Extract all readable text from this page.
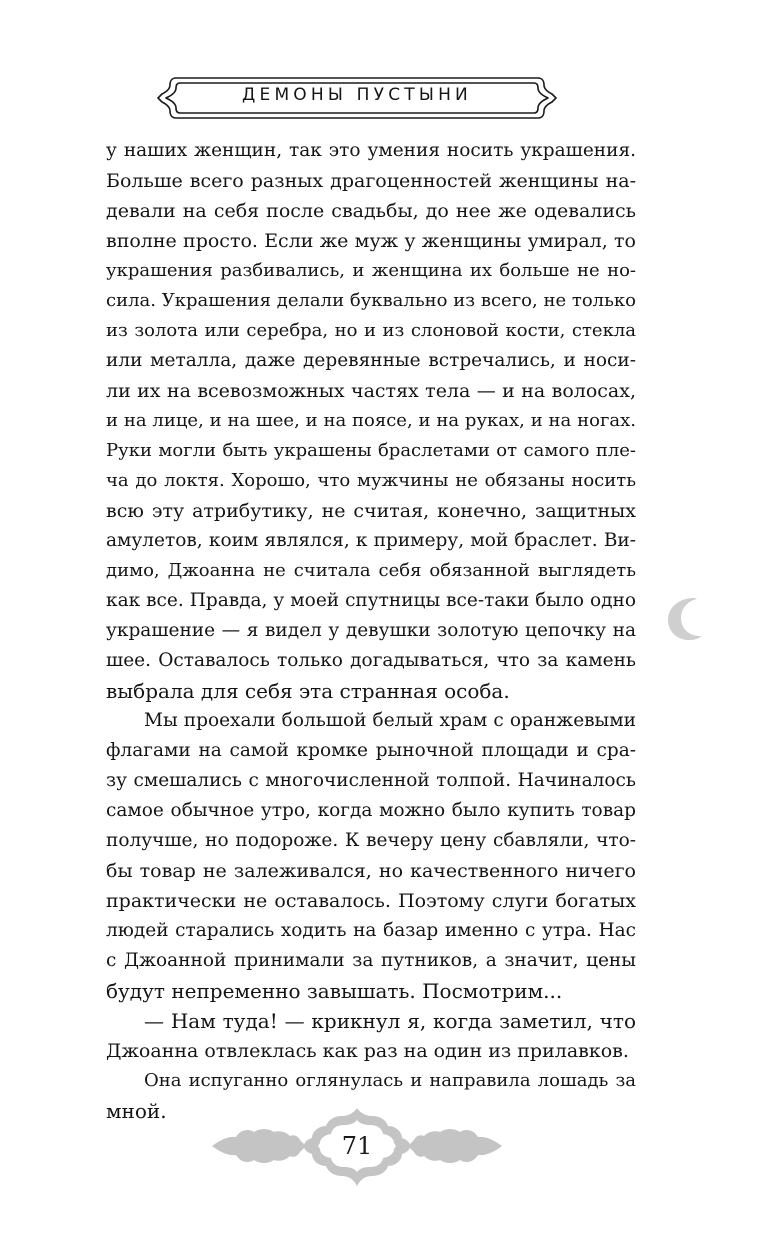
ДЕМОНЫ ПУСТЫНИ
у наших женщин, так это умения носить украшения.
Больше всего разных драгоценностей женщины на-
девали на себя после свадьбы, до нее же одевались
вполне просто. Если же муж у женщины умирал, то
украшения разбивались, и женщина их больше не но-
сила. Украшения делали буквально из всего, не только
из золота или серебра, но и из слоновой кости, стекла
или металла, даже деревянные встречались, и носи-
ли их на всевозможных частях тела — и на волосах,
и на лице, и на шее, и на поясе, и на руках, и на ногах.
Руки могли быть украшены браслетами от самого пле-
ча до локтя. Хорошо, что мужчины не обязаны носить
всю эту атрибутику, не считая, конечно, защитных
амулетов, коим являлся, к примеру, мой браслет. Ви-
димо, Джоанна не считала себя обязанной выглядеть
как все. Правда, у моей спутницы все-таки было одно
украшение — я видел у девушки золотую цепочку на
шее. Оставалось только догадываться, что за камень
выбрала для себя эта странная особа.
Мы проехали большой белый храм с оранжевыми
флагами на самой кромке рыночной площади и сра-
зу смешались с многочисленной толпой. Начиналось
самое обычное утро, когда можно было купить товар
получше, но подороже. К вечеру цену сбавляли, что-
бы товар не залеживался, но качественного ничего
практически не оставалось. Поэтому слуги богатых
людей старались ходить на базар именно с утра. Нас
с Джоанной принимали за путников, а значит, цены
будут непременно завышать. Посмотрим...
— Нам туда! — крикнул я, когда заметил, что
Джоанна отвлеклась как раз на один из прилавков.
Она испуганно оглянулась и направила лошадь за
мной.
71
